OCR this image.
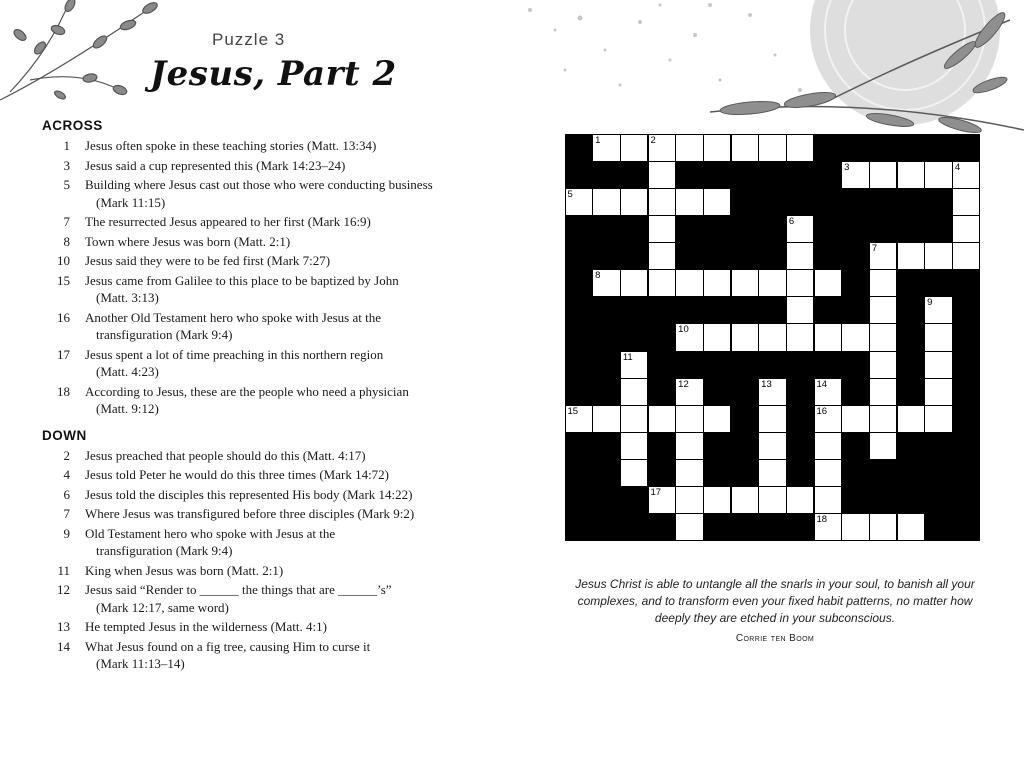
Puzzle 3
Jesus, Part 2
ACROSS
1	Jesus often spoke in these teaching stories (Matt. 13:34)
3	Jesus said a cup represented this (Mark 14:23–24)
5	Building where Jesus cast out those who were conducting business
(Mark 11:15)
7	The resurrected Jesus appeared to her first (Mark 16:9)
8	Town where Jesus was born (Matt. 2:1)
10	Jesus said they were to be fed first (Mark 7:27)
15	Jesus came from Galilee to this place to be baptized by John
(Matt. 3:13)
16	Another Old Testament hero who spoke with Jesus at the
transfiguration (Mark 9:4)
17	Jesus spent a lot of time preaching in this northern region
(Matt. 4:23)
18	According to Jesus, these are the people who need a physician
(Matt. 9:12)
DOWN
2	Jesus preached that people should do this (Matt. 4:17)
4	Jesus told Peter he would do this three times (Mark 14:72)
6	Jesus told the disciples this represented His body (Mark 14:22)
7	Where Jesus was transfigured before three disciples (Mark 9:2)
9	Old Testament hero who spoke with Jesus at the
transfiguration (Mark 9:4)
11	King when Jesus was born (Matt. 2:1)
12	Jesus said “Render to ______ the things that are ______’s”
(Mark 12:17, same word)
13	He tempted Jesus in the wilderness (Matt. 4:1)
14	What Jesus found on a fig tree, causing Him to curse it
(Mark 11:13–14)
1	2
3	4
5
6
7
8
9
10
11
12	13	14
15	16
17
18
Jesus Christ is able to untangle all the snarls in your soul, to banish all your complexes, and to transform even your fixed habit patterns, no matter how deeply they are etched in your subconscious.
Corrie ten Boom
